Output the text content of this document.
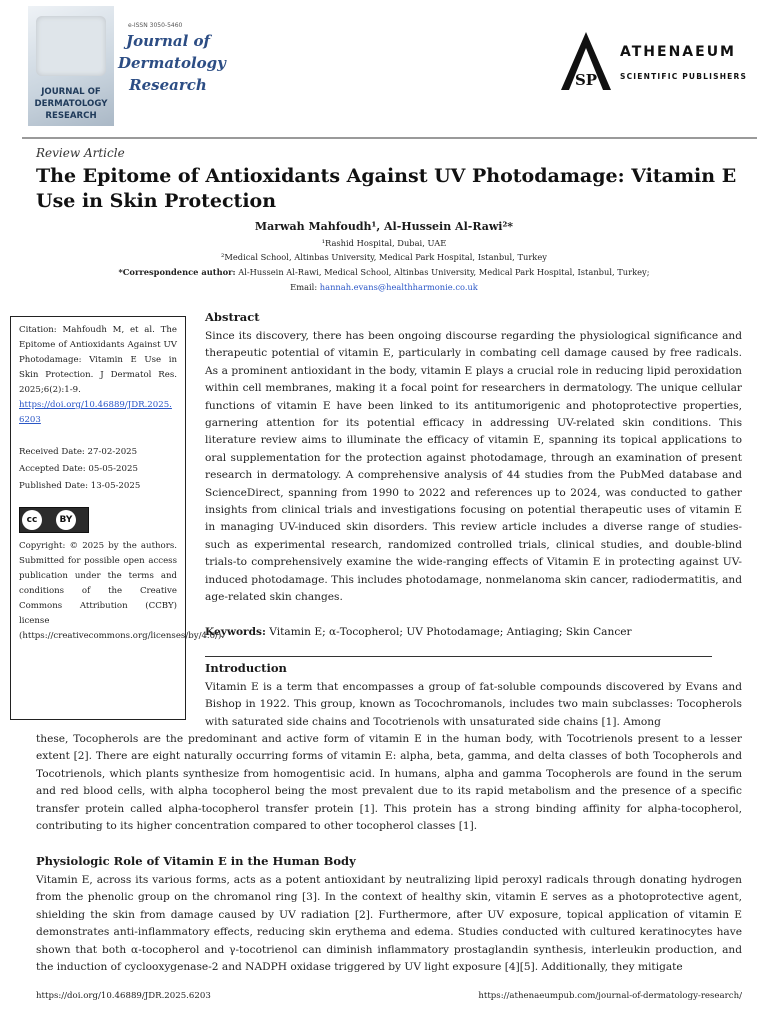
JOURNAL OF DERMATOLOGY RESEARCH
e-ISSN 3050-5460
Journal of Dermatology Research	SP
ATHENAEUM
SCIENTIFIC PUBLISHERS
Review Article
The Epitome of Antioxidants Against UV Photodamage: Vitamin E Use in Skin Protection
Marwah Mahfoudh¹, Al-Hussein Al-Rawi²*
¹Rashid Hospital, Dubai, UAE
²Medical School, Altinbas University, Medical Park Hospital, Istanbul, Turkey
*Correspondence author: Al-Hussein Al-Rawi, Medical School, Altinbas University, Medical Park Hospital, Istanbul, Turkey;
Email: hannah.evans@healthharmonie.co.uk
Citation: Mahfoudh M, et al. The Epitome of Antioxidants Against UV Photodamage: Vitamin E Use in Skin Protection. J Dermatol Res. 2025;6(2):1-9.
https://doi.org/10.46889/JDR.2025.6203
Received Date: 27-02-2025
Accepted Date: 05-05-2025
Published Date: 13-05-2025
cc	BY
Copyright: © 2025 by the authors. Submitted for possible open access publication under the terms and conditions of the Creative Commons Attribution (CCBY) license (https://creativecommons.org/licenses/by/4.0/).
Abstract
Since its discovery, there has been ongoing discourse regarding the physiological significance and therapeutic potential of vitamin E, particularly in combating cell damage caused by free radicals. As a prominent antioxidant in the body, vitamin E plays a crucial role in reducing lipid peroxidation within cell membranes, making it a focal point for researchers in dermatology. The unique cellular functions of vitamin E have been linked to its antitumorigenic and photoprotective properties, garnering attention for its potential efficacy in addressing UV-related skin conditions. This literature review aims to illuminate the efficacy of vitamin E, spanning its topical applications to oral supplementation for the protection against photodamage, through an examination of present research in dermatology. A comprehensive analysis of 44 studies from the PubMed database and ScienceDirect, spanning from 1990 to 2022 and references up to 2024, was conducted to gather insights from clinical trials and investigations focusing on potential therapeutic uses of vitamin E in managing UV-induced skin disorders. This review article includes a diverse range of studies- such as experimental research, randomized controlled trials, clinical studies, and double-blind trials-to comprehensively examine the wide-ranging effects of Vitamin E in protecting against UV-induced photodamage. This includes photodamage, nonmelanoma skin cancer, radiodermatitis, and age-related skin changes.
Keywords: Vitamin E; α-Tocopherol; UV Photodamage; Antiaging; Skin Cancer
Introduction
Vitamin E is a term that encompasses a group of fat-soluble compounds discovered by Evans and Bishop in 1922. This group, known as Tocochromanols, includes two main subclasses: Tocopherols with saturated side chains and Tocotrienols with unsaturated side chains [1]. Among
these, Tocopherols are the predominant and active form of vitamin E in the human body, with Tocotrienols present to a lesser extent [2]. There are eight naturally occurring forms of vitamin E: alpha, beta, gamma, and delta classes of both Tocopherols and Tocotrienols, which plants synthesize from homogentisic acid. In humans, alpha and gamma Tocopherols are found in the serum and red blood cells, with alpha tocopherol being the most prevalent due to its rapid metabolism and the presence of a specific transfer protein called alpha-tocopherol transfer protein [1]. This protein has a strong binding affinity for alpha-tocopherol, contributing to its higher concentration compared to other tocopherol classes [1].
Physiologic Role of Vitamin E in the Human Body
Vitamin E, across its various forms, acts as a potent antioxidant by neutralizing lipid peroxyl radicals through donating hydrogen from the phenolic group on the chromanol ring [3]. In the context of healthy skin, vitamin E serves as a photoprotective agent, shielding the skin from damage caused by UV radiation [2]. Furthermore, after UV exposure, topical application of vitamin E demonstrates anti-inflammatory effects, reducing skin erythema and edema. Studies conducted with cultured keratinocytes have shown that both α-tocopherol and γ-tocotrienol can diminish inflammatory prostaglandin synthesis, interleukin production, and the induction of cyclooxygenase-2 and NADPH oxidase triggered by UV light exposure [4][5]. Additionally, they mitigate
https://doi.org/10.46889/JDR.2025.6203	https://athenaeumpub.com/journal-of-dermatology-research/
